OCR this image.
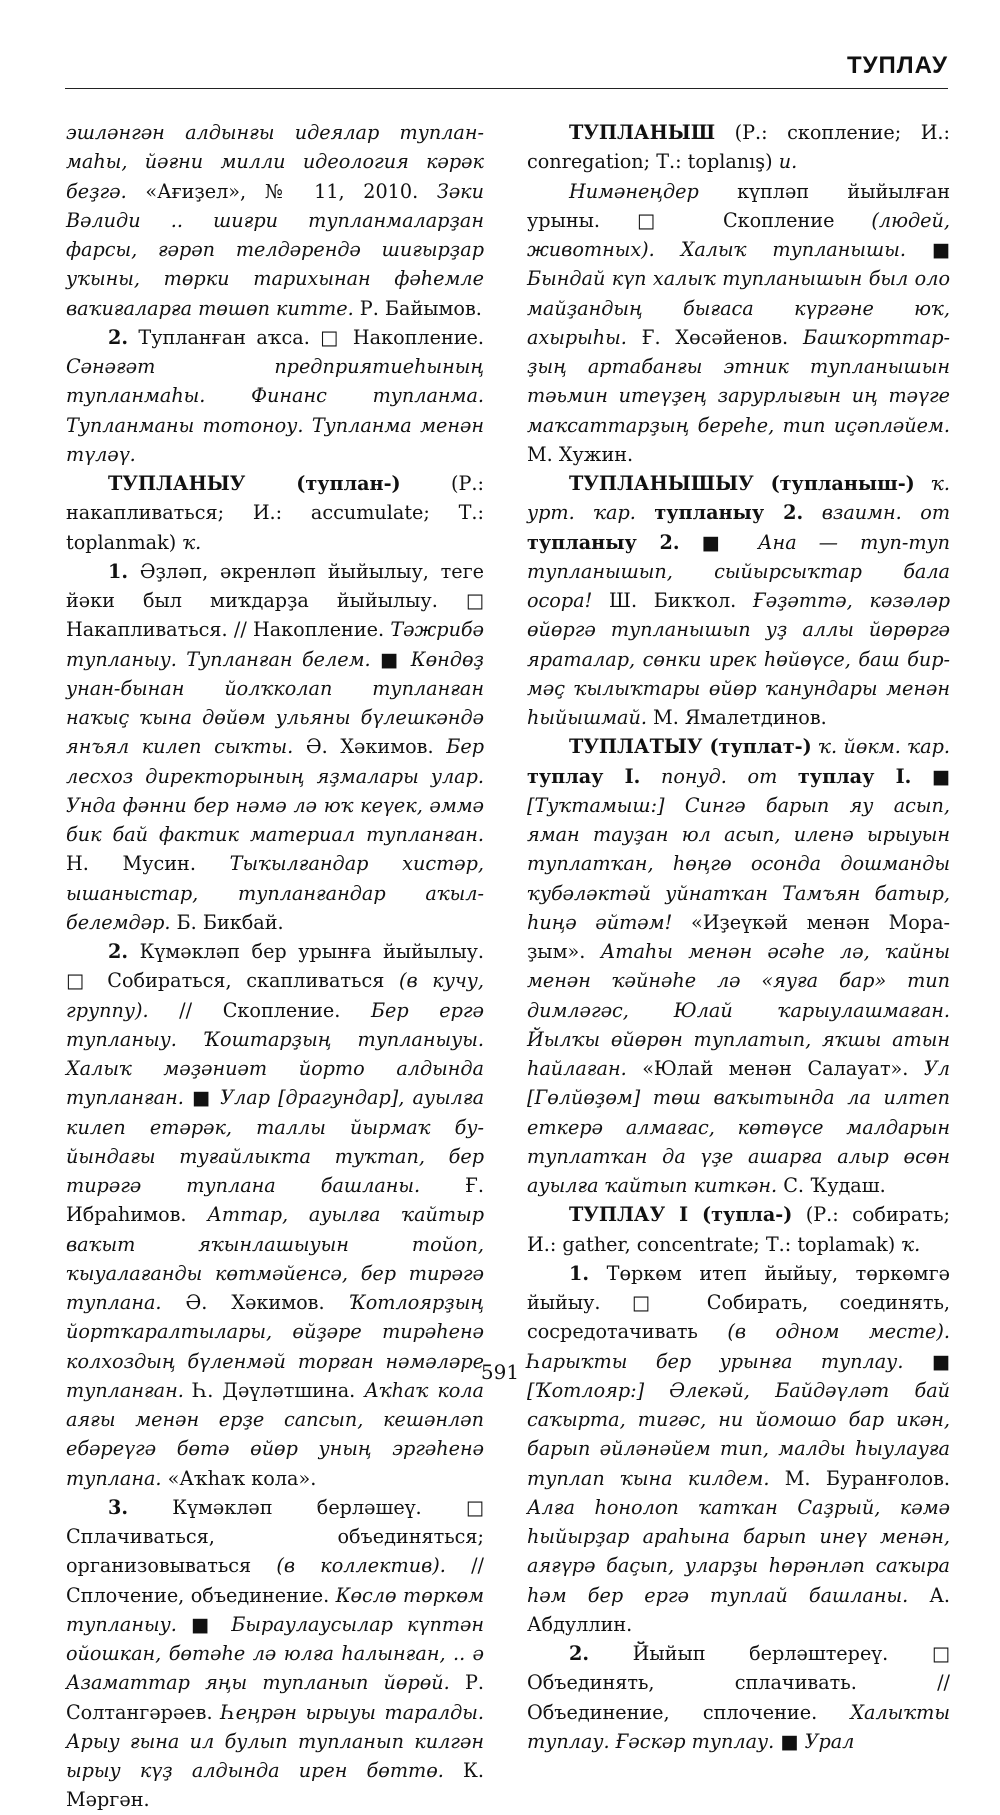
ТУПЛАУ

эшләнгән алдынғы идеялар тупланмаһы, йәғни милли идеология кәрәк беҙгә. «Ағиҙел», № 11, 2010. Зәки Вәлиди .. шиғри тупланмаларҙан фарсы, ғәрәп телдәрендә шиғырҙар уҡыны, төрки тарихынан фәһемле ваҡиғаларға төшөп китте. Р. Байымов.

2. Тупланған аҡса. □ Накопление. Сәнәғәт предприятиеһының тупланмаһы. Финанс тупланма. Тупланманы тотоноу. Тупланма менән түләү.

ТУПЛАНЫУ (туплан-) (Р.: накапливаться; И.: accumulate; Т.: toplanmak) ҡ.

1. Әҙләп, әкренләп йыйылыу, теге йәки был миҡдарҙа йыйылыу. □ Накапливаться. // Накопление. Тәжрибә тупланыу. Тупланған белем. ■ Көндөҙ унан-бынан йолҡколап тупланған наҡыҫ ҡына дөйөм ульяны бүлешкәндә янъял килеп сыҡты. Ә. Хәкимов. Бер лесхоз директорының яҙмалары улар. Унда фәнни бер нәмә лә юҡ кеүек, әммә бик бай фактик материал тупланған. Н. Мусин. Тыҡылғандар хистәр, ышаныстар, тупланғандар аҡыл-белемдәр. Б. Бикбай.

2. Күмәкләп бер урынға йыйылыу. □ Собираться, скапливаться (в кучу, группу). // Скопление. Бер ергә тупланыу. Ҡоштарҙың тупланыуы. Халыҡ мәҙәниәт йорто алдында тупланған. ■ Улар [драгундар], ауылға килеп етәрәк, таллы йырмаҡ буйындағы туғайлыкта туҡтап, бер тирәгә туплана башланы. Ғ. Ибраһимов. Аттар, ауылға ҡайтыр ваҡыт яҡынлашыуын тойоп, ҡыуалағанды көтмәйенсә, бер тирәгә туплана. Ә. Хәкимов. Ҡотлоярҙың йортҡаралтылары, өйҙәре тирәһенә колхоздың бүленмәй торған нәмәләре тупланған. Һ. Дәүләтшина. Аҡһаҡ кола аяғы менән ерҙе сапсып, кешәнләп ебәреүгә бөтә өйөр уның эргәһенә туплана. «Аҡһаҡ кола».

3. Күмәкләп берләшеү. □ Сплачиваться, объединяться; организовываться (в коллектив). // Сплочение, объединение. Көслө төркөм тупланыу. ■ Быраулаусылар күптән ойошкан, бөтәһе лә юлға һалынған, .. ә Азаматтар яңы тупланып йөрөй. Р. Солтангәрәев. Һеңрән ырыуы таралды. Арыу ғына ил булып тупланып килгән ырыу күҙ алдында ирен бөттө. К. Мәргән.

ТУПЛАНЫШ (Р.: скопление; И.: conregation; Т.: toplanış) и.

Нимәнеңдер күпләп йыйылған урыны. □ Скопление (людей, животных). Халыҡ тупланышы. ■ Бындай күп халыҡ тупланышын был оло майҙандың бығаса күргәне юҡ, ахырыһы. Ғ. Хөсәйенов. Башҡорттарҙың артабанғы этник тупланышын тәьмин итеүҙең зарурлығын иң тәүге маҡсаттарҙың береһе, тип иҫәпләйем. М. Хужин.

ТУПЛАНЫШЫУ (тупланыш-) ҡ. урт. ҡар. тупланыу 2. взаимн. от тупланыу 2. ■ Ана — туп-туп тупланышып, сыйырсыҡтар бала осора! Ш. Бикҡол. Ғәҙәттә, кәзәләр өйөргә тупланышып уҙ аллы йөрөргә яраталар, сөнки ирек һөйөүсе, баш бирмәҫ ҡылыҡтары өйөр ҡанундары менән һыйышмай. М. Ямалетдинов.

ТУПЛАТЫУ (туплат-) ҡ. йөкм. ҡар. туплау I. понуд. от туплау I. ■ [Туҡтамыш:] Сингә барып яу асып, яман тауҙан юл асып, иленә ырыуын туплатҡан, һөңгө осонда дошманды ҡубәләктәй уйнатҡан Тамъян батыр, һиңә әйтәм! «Иҙеүкәй менән Мораҙым». Атаһы менән әсәһе лә, ҡайны менән ҡәйнәһе лә «яуға бар» тип димләгәс, Юлай ҡарыулашмаған. Йылҡы өйөрөн туплатып, яҡшы атын һайлаған. «Юлай менән Салауат». Ул [Гөлйөҙөм] төш ваҡытында ла илтеп еткерә алмағас, көтөүсе малдарын туплатҡан да үҙе ашарға алыр өсөн ауылға ҡайтып киткән. С. Ҡудаш.

ТУПЛАУ I (тупла-) (Р.: собирать; И.: gather, concentrate; Т.: toplamak) ҡ.

1. Төркөм итеп йыйыу, төркөмгә йыйыу. □ Собирать, соединять, сосредотачивать (в одном месте). Һарыҡты бер урынға туплау. ■ [Ҡотлояр:] Әлекәй, Байдәүләт бай саҡырта, тигәс, ни йомошо бар икән, барып әйләнәйем тип, малды һыулауға туплап ҡына килдем. М. Буранғолов. Алға һонолоп ҡатҡан Саҙрый, кәмә һыйырҙар араһына барып инеү менән, аяғүрә баҫып, уларҙы һөрәнләп саҡыра һәм бер ергә туплай башланы. А. Абдуллин.

2. Йыйып берләштереү. □ Объединять, сплачивать. // Объединение, сплочение. Халыҡты туплау. Ғәскәр туплау. ■ Урал

591
